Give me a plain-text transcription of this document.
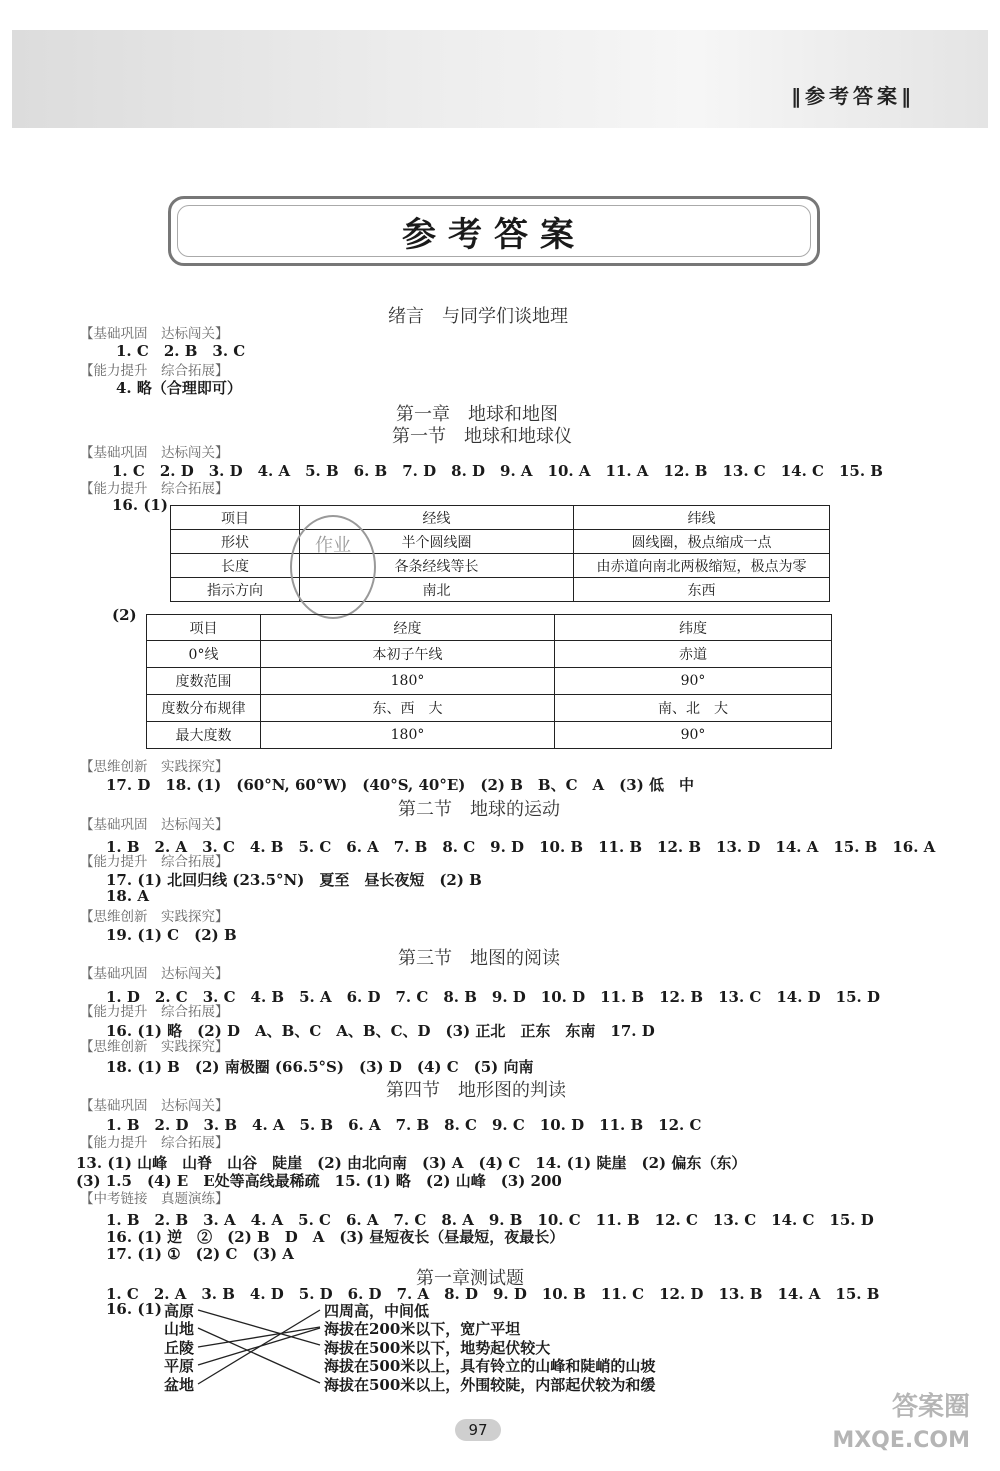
‖参考答案‖
参考答案
绪言　与同学们谈地理
【基础巩固　达标闯关】
1. C　2. B　3. C
【能力提升　综合拓展】
4. 略（合理即可）
第一章　地球和地图
第一节　地球和地球仪
【基础巩固　达标闯关】
1. C　2. D　3. D　4. A　5. B　6. B　7. D　8. D　9. A　10. A　11. A　12. B　13. C　14. C　15. B
【能力提升　综合拓展】
16. (1)
项目	经线	纬线
形状	半个圆线圈	圆线圈，极点缩成一点
长度	各条经线等长	由赤道向南北两极缩短，极点为零
指示方向	南北	东西
作业
(2)
项目	经度	纬度
0°线	本初子午线	赤道
度数范围	180°	90°
度数分布规律	东、西　大	南、北　大
最大度数	180°	90°
【思维创新　实践探究】
17. D　18. (1)　(60°N, 60°W)　(40°S, 40°E)　(2) B　B、C　A　(3) 低　中
第二节　地球的运动
【基础巩固　达标闯关】
1. B　2. A　3. C　4. B　5. C　6. A　7. B　8. C　9. D　10. B　11. B　12. B　13. D　14. A　15. B　16. A
【能力提升　综合拓展】
17. (1) 北回归线 (23.5°N)　夏至　昼长夜短　(2) B
18. A
【思维创新　实践探究】
19. (1) C　(2) B
第三节　地图的阅读
【基础巩固　达标闯关】
1. D　2. C　3. C　4. B　5. A　6. D　7. C　8. B　9. D　10. D　11. B　12. B　13. C　14. D　15. D
【能力提升　综合拓展】
16. (1) 略　(2) D　A、B、C　A、B、C、D　(3) 正北　正东　东南　17. D
【思维创新　实践探究】
18. (1) B　(2) 南极圈 (66.5°S)　(3) D　(4) C　(5) 向南
第四节　地形图的判读
【基础巩固　达标闯关】
1. B　2. D　3. B　4. A　5. B　6. A　7. B　8. C　9. C　10. D　11. B　12. C
【能力提升　综合拓展】
13. (1) 山峰　山脊　山谷　陡崖　(2) 由北向南　(3) A　(4) C　14. (1) 陡崖　(2) 偏东（东）
(3) 1.5　(4) E　E处等高线最稀疏　15. (1) 略　(2) 山峰　(3) 200
【中考链接　真题演练】
1. B　2. B　3. A　4. A　5. C　6. A　7. C　8. A　9. B　10. C　11. B　12. C　13. C　14. C　15. D
16. (1) 逆　②　(2) B　D　A　(3) 昼短夜长（昼最短，夜最长）
17. (1) ①　(2) C　(3) A
第一章测试题
1. C　2. A　3. B　4. D　5. D　6. D　7. A　8. D　9. D　10. B　11. C　12. D　13. B　14. A　15. B
16. (1) 高原
山地
丘陵
平原
盆地
四周高，中间低
海拔在200米以下，宽广平坦
海拔在500米以下，地势起伏较大
海拔在500米以上，具有铃立的山峰和陡峭的山坡
海拔在500米以上，外围较陡，内部起伏较为和缓
97
答案圈
MXQE.COM
